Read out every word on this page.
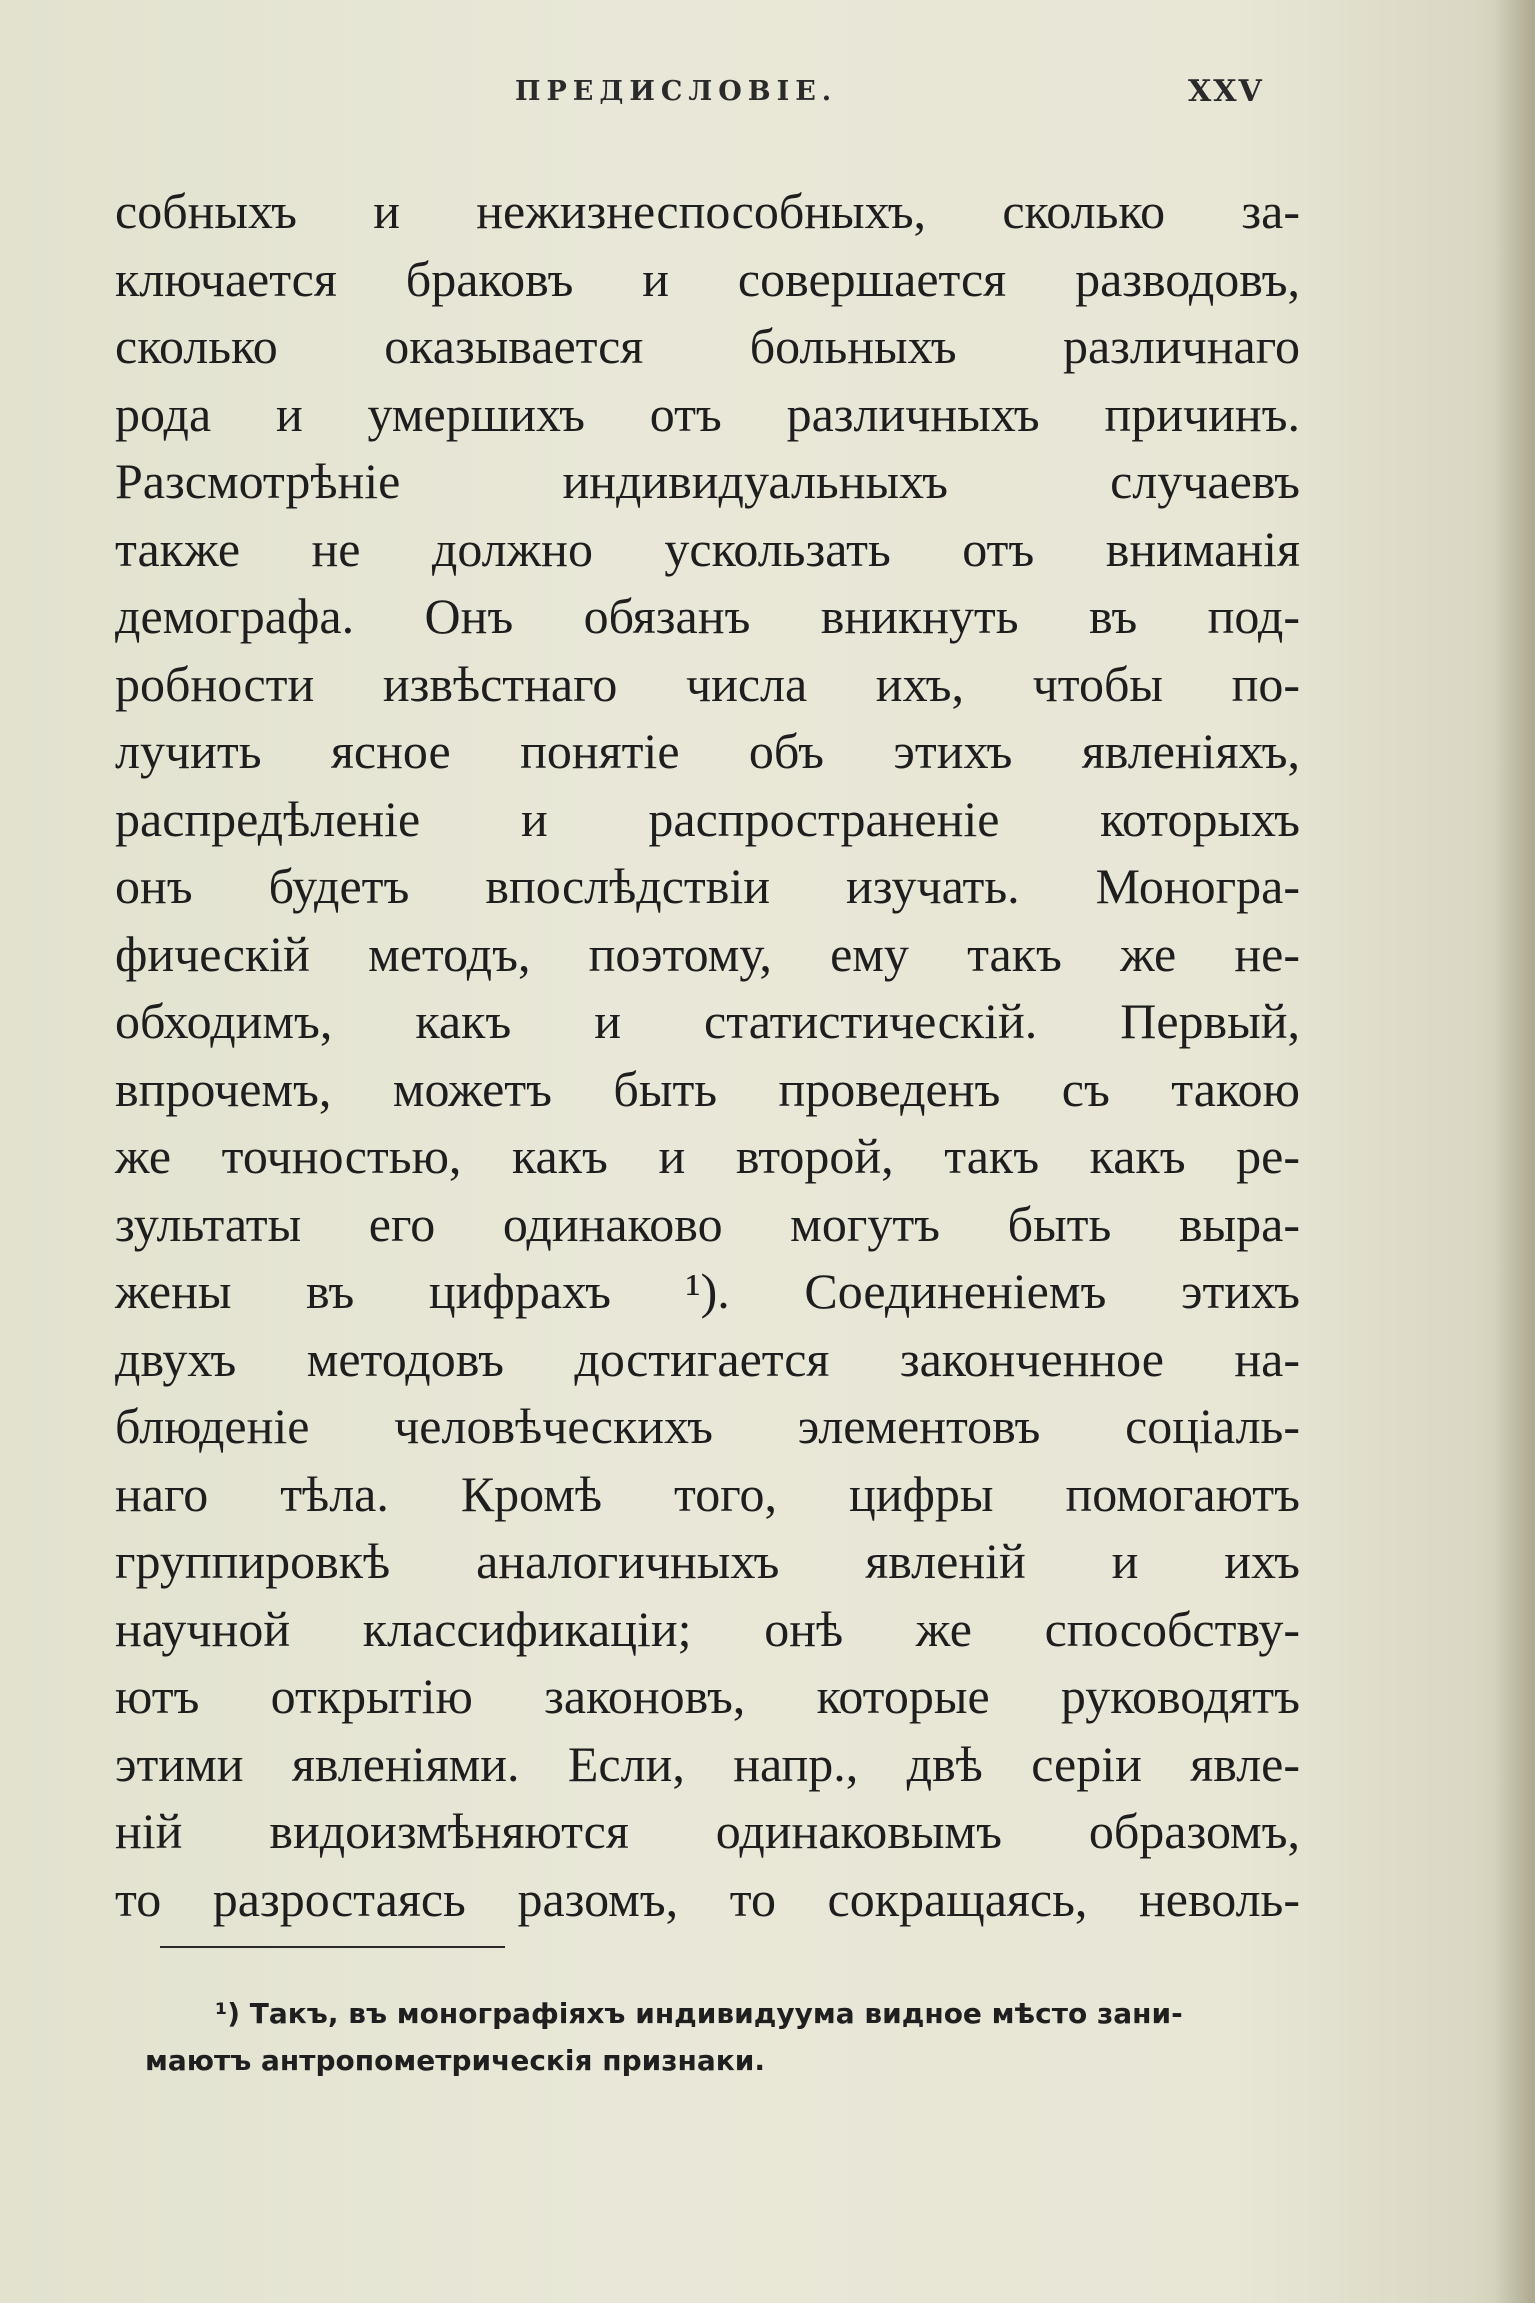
ПРЕДИСЛОВІЕ.	XXV
собныхъ и нежизнеспособныхъ, сколько за-
ключается браковъ и совершается разводовъ,
сколько оказывается больныхъ различнаго
рода и умершихъ отъ различныхъ причинъ.
Разсмотрѣніе индивидуальныхъ случаевъ
также не должно ускользать отъ вниманія
демографа. Онъ обязанъ вникнуть въ под-
робности извѣстнаго числа ихъ, чтобы по-
лучить ясное понятіе объ этихъ явленіяхъ,
распредѣленіе и распространеніе которыхъ
онъ будетъ впослѣдствіи изучать. Моногра-
фическій методъ, поэтому, ему такъ же не-
обходимъ, какъ и статистическій. Первый,
впрочемъ, можетъ быть проведенъ съ такою
же точностью, какъ и второй, такъ какъ ре-
зультаты его одинаково могутъ быть выра-
жены въ цифрахъ ¹). Соединеніемъ этихъ
двухъ методовъ достигается законченное на-
блюденіе человѣческихъ элементовъ соціаль-
наго тѣла. Кромѣ того, цифры помогаютъ
группировкѣ аналогичныхъ явленій и ихъ
научной классификаціи; онѣ же способству-
ютъ открытію законовъ, которые руководятъ
этими явленіями. Если, напр., двѣ серіи явле-
ній видоизмѣняются одинаковымъ образомъ,
то разростаясь разомъ, то сокращаясь, неволь-
¹) Такъ, въ монографіяхъ индивидуума видное мѣсто зани-
маютъ антропометрическія признаки.
